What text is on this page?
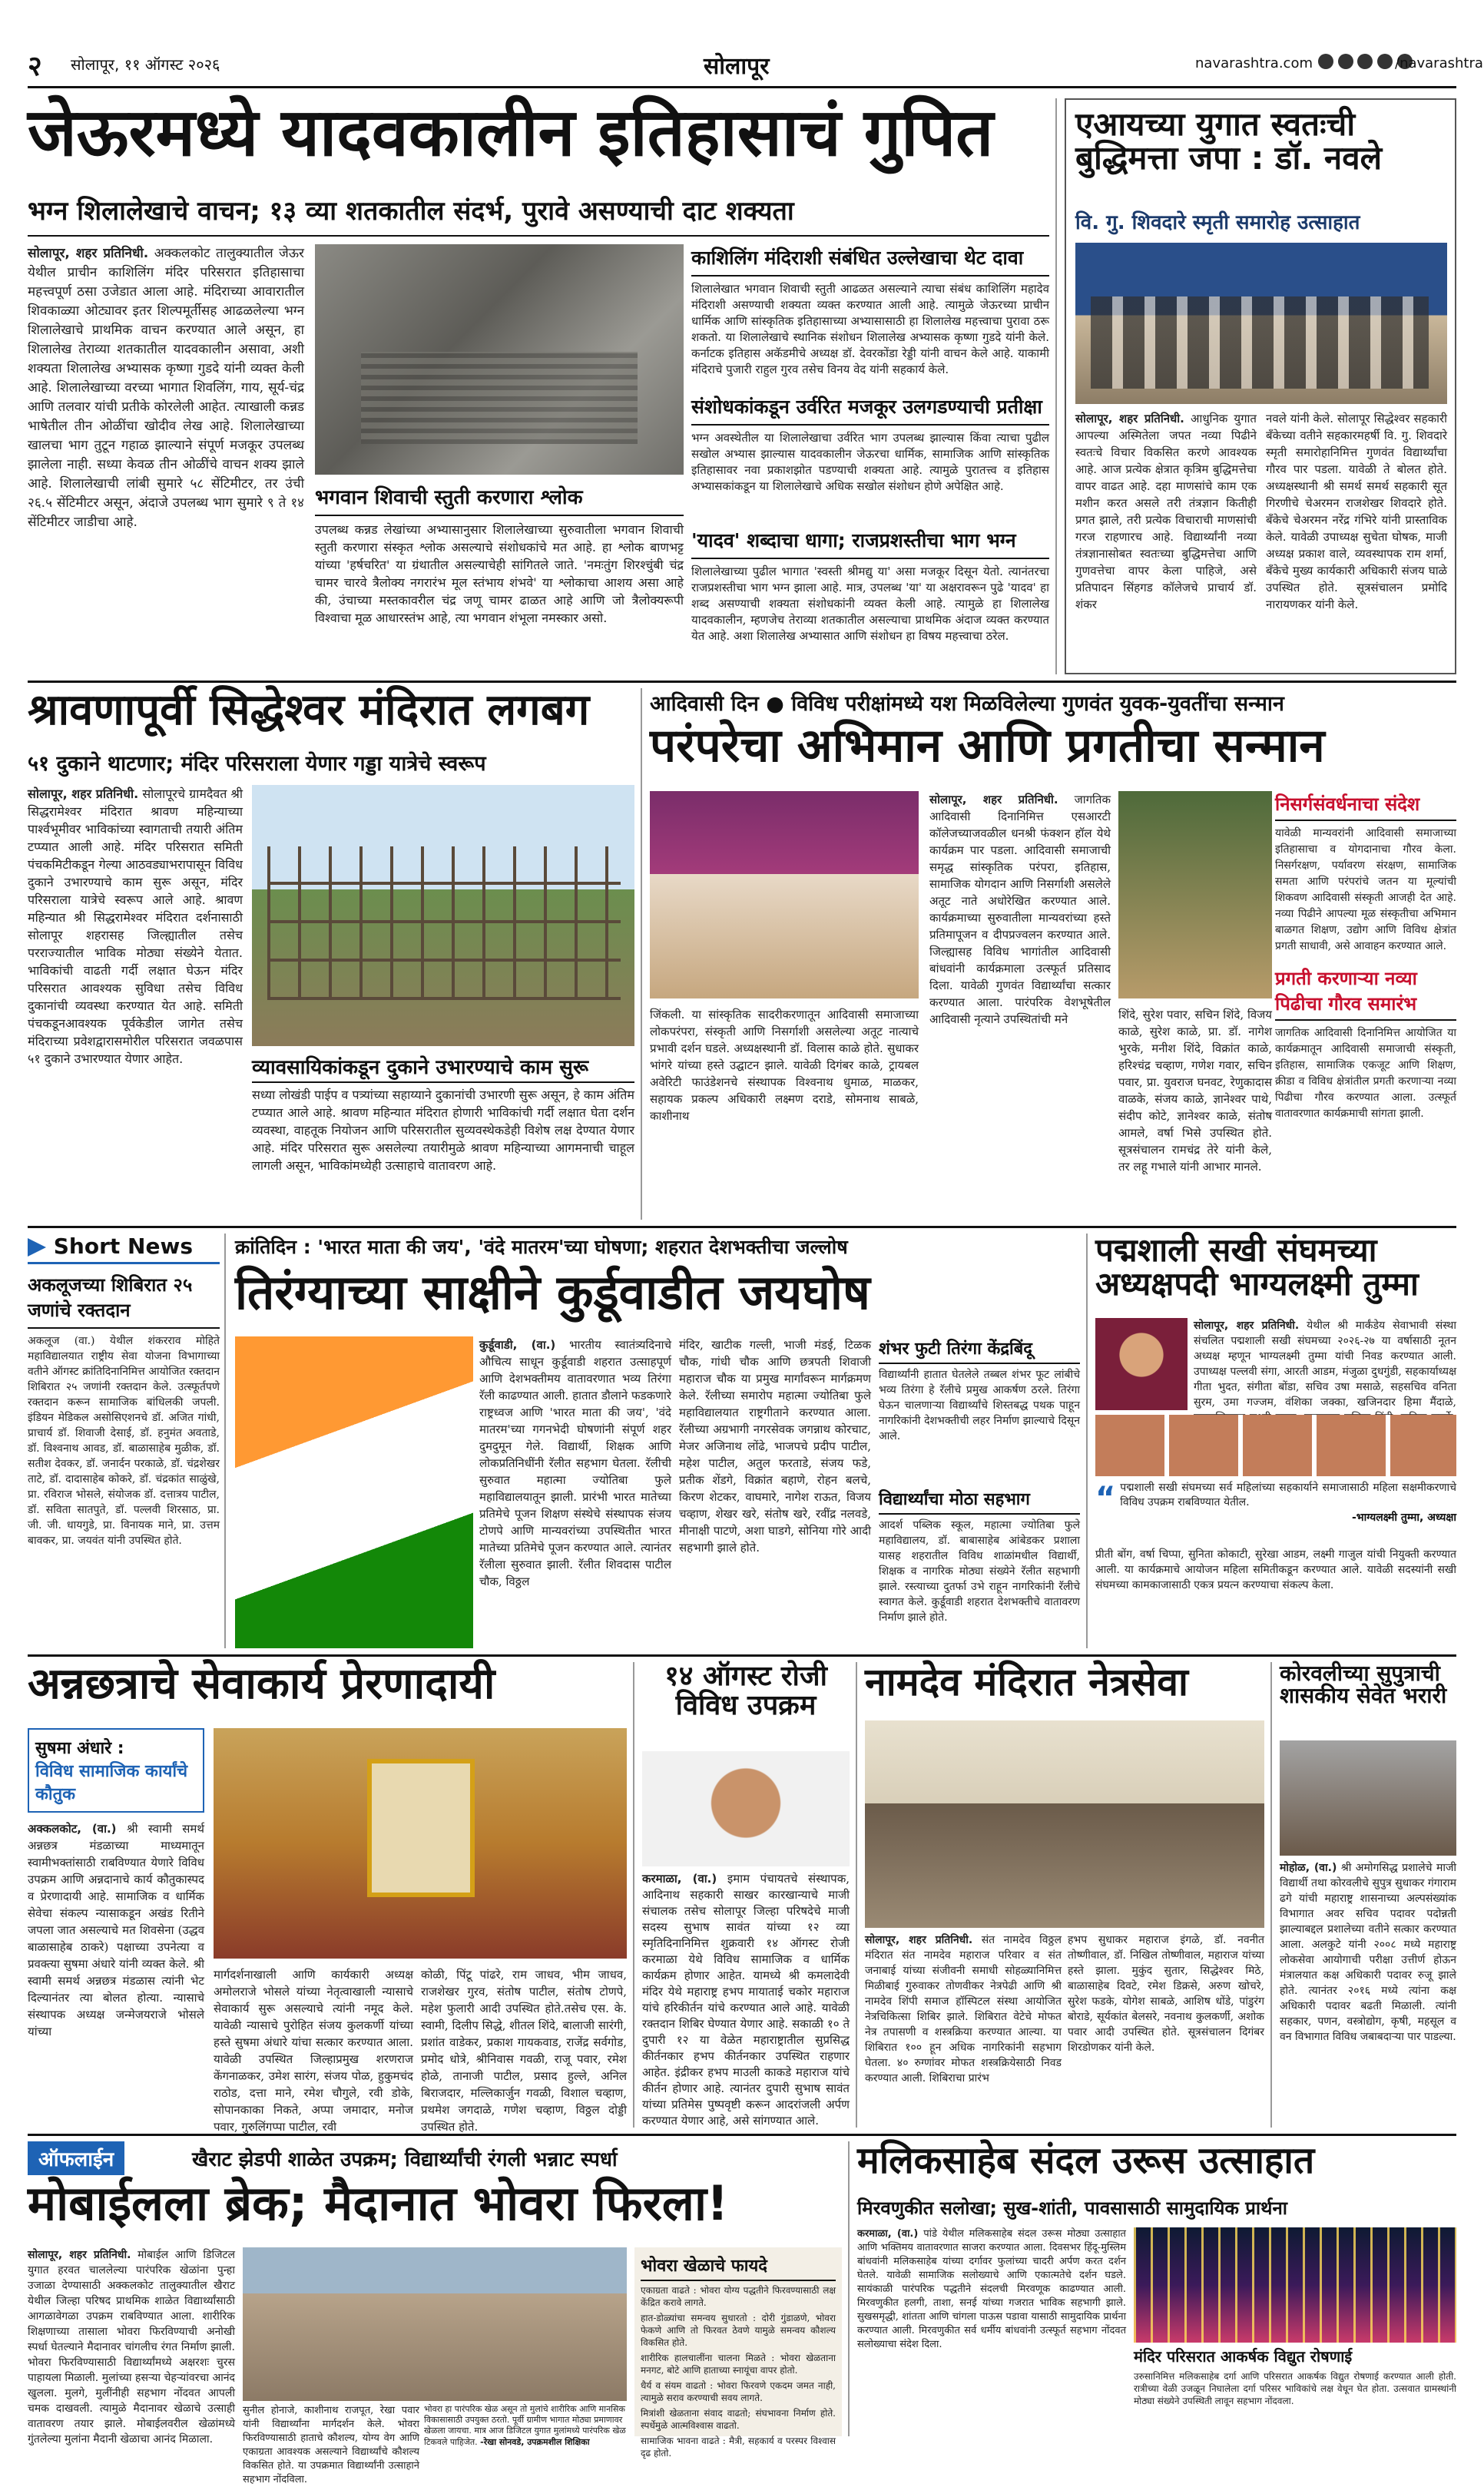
२ सोलापूर, ११ ऑगस्ट २०२६	सोलापूर	navarashtra.com
	/navarashtra
जेऊरमध्ये यादवकालीन इतिहासाचं गुपित
भग्न शिलालेखाचे वाचन; १३ व्या शतकातील संदर्भ, पुरावे असण्याची दाट शक्यता
सोलापूर, शहर प्रतिनिधी. अक्कलकोट तालुक्यातील जेऊर येथील प्राचीन काशिलिंग मंदिर परिसरात इतिहासाचा महत्त्वपूर्ण ठसा उजेडात आला आहे. मंदिराच्या आवारातील शिवकाळ्या ओट्यावर इतर शिल्पमूर्तीसह आढळलेल्या भग्न शिलालेखाचे प्राथमिक वाचन करण्यात आले असून, हा शिलालेख तेराव्या शतकातील यादवकालीन असावा, अशी शक्यता शिलालेख अभ्यासक कृष्णा गुडदे यांनी व्यक्त केली आहे. शिलालेखाच्या वरच्या भागात शिवलिंग, गाय, सूर्य-चंद्र आणि तलवार यांची प्रतीके कोरलेली आहेत. त्याखाली कन्नड भाषेतील तीन ओळींचा खोदीव लेख आहे. शिलालेखाच्या खालचा भाग तुटून गहाळ झाल्याने संपूर्ण मजकूर उपलब्ध झालेला नाही. सध्या केवळ तीन ओळींचे वाचन शक्य झाले आहे. शिलालेखाची लांबी सुमारे ५८ सेंटिमीटर, तर उंची २६.५ सेंटिमीटर असून, अंदाजे उपलब्ध भाग सुमारे ९ ते १४ सेंटिमीटर जाडीचा आहे.
भगवान शिवाची स्तुती करणारा श्लोक
उपलब्ध कन्नड लेखांच्या अभ्यासानुसार शिलालेखाच्या सुरुवातीला भगवान शिवाची स्तुती करणारा संस्कृत श्लोक असल्याचे संशोधकांचे मत आहे. हा श्लोक बाणभट्ट यांच्या 'हर्षचरित' या ग्रंथातील असल्याचेही सांगितले जाते. 'नमःतुंग शिरश्चुंबी चंद्र चामर चारवे त्रैलोक्य नगरारंभ मूल स्तंभाय शंभवे' या श्लोकाचा आशय असा आहे की, उंचाच्या मस्तकावरील चंद्र जणू चामर ढाळत आहे आणि जो त्रैलोक्यरूपी विश्वाचा मूळ आधारस्तंभ आहे, त्या भगवान शंभूला नमस्कार असो.
काशिलिंग मंदिराशी संबंधित उल्लेखाचा थेट दावा
शिलालेखात भगवान शिवाची स्तुती आढळत असल्याने त्याचा संबंध काशिलिंग महादेव मंदिराशी असण्याची शक्यता व्यक्त करण्यात आली आहे. त्यामुळे जेऊरच्या प्राचीन धार्मिक आणि सांस्कृतिक इतिहासाच्या अभ्यासासाठी हा शिलालेख महत्त्वाचा पुरावा ठरू शकतो. या शिलालेखाचे स्थानिक संशोधन शिलालेख अभ्यासक कृष्णा गुडदे यांनी केले. कर्नाटक इतिहास अकॅडमीचे अध्यक्ष डॉ. देवरकोंडा रेड्डी यांनी वाचन केले आहे. याकामी मंदिराचे पुजारी राहुल गुरव तसेच विनय वेद यांनी सहकार्य केले.
संशोधकांकडून उर्वरित मजकूर उलगडण्याची प्रतीक्षा
भग्न अवस्थेतील या शिलालेखाचा उर्वरित भाग उपलब्ध झाल्यास किंवा त्याचा पुढील सखोल अभ्यास झाल्यास यादवकालीन जेऊरचा धार्मिक, सामाजिक आणि सांस्कृतिक इतिहासावर नवा प्रकाशझोत पडण्याची शक्यता आहे. त्यामुळे पुरातत्त्व व इतिहास अभ्यासकांकडून या शिलालेखाचे अधिक सखोल संशोधन होणे अपेक्षित आहे.
'यादव' शब्दाचा धागा; राजप्रशस्तीचा भाग भग्न
शिलालेखाच्या पुढील भागात 'स्वस्ती श्रीमद्यु या' असा मजकूर दिसून येतो. त्यानंतरचा राजप्रशस्तीचा भाग भग्न झाला आहे. मात्र, उपलब्ध 'या' या अक्षरावरून पुढे 'यादव' हा शब्द असण्याची शक्यता संशोधकांनी व्यक्त केली आहे. त्यामुळे हा शिलालेख यादवकालीन, म्हणजेच तेराव्या शतकातील असल्याचा प्राथमिक अंदाज व्यक्त करण्यात येत आहे. अशा शिलालेख अभ्यासात आणि संशोधन हा विषय महत्त्वाचा ठरेल.
एआयच्या युगात स्वतःची बुद्धिमत्ता जपा : डॉ. नवले
वि. गु. शिवदारे स्मृती समारोह उत्साहात
सोलापूर, शहर प्रतिनिधी. आधुनिक युगात आपल्या अस्मितेला जपत नव्या पिढीने स्वतःचे विचार विकसित करणे आवश्यक आहे. आज प्रत्येक क्षेत्रात कृत्रिम बुद्धिमत्तेचा वापर वाढत आहे. दहा माणसांचे काम एक मशीन करत असले तरी तंत्रज्ञान कितीही प्रगत झाले, तरी प्रत्येक विचाराची माणसांची गरज राहणारच आहे. विद्यार्थ्यांनी नव्या तंत्रज्ञानासोबत स्वतःच्या बुद्धिमत्तेचा आणि गुणवत्तेचा वापर केला पाहिजे, असे प्रतिपादन सिंहगड कॉलेजचे प्राचार्य डॉ. शंकर
नवले यांनी केले. सोलापूर सिद्धेश्वर सहकारी बँकेच्या वतीने सहकारमहर्षी वि. गु. शिवदारे स्मृती समारोहानिमित्त गुणवंत विद्यार्थ्यांचा गौरव पार पडला. यावेळी ते बोलत होते. अध्यक्षस्थानी श्री समर्थ समर्थ सहकारी सूत गिरणीचे चेअरमन राजशेखर शिवदारे होते. बँकेचे चेअरमन नरेंद्र गंभिरे यांनी प्रास्ताविक केले. यावेळी उपाध्यक्ष सुचेता घोषक, माजी अध्यक्ष प्रकाश वाले, व्यवस्थापक राम शर्मा, बँकेचे मुख्य कार्यकारी अधिकारी संजय घाळे उपस्थित होते. सूत्रसंचालन प्रमोदि नारायणकर यांनी केले.
श्रावणापूर्वी सिद्धेश्वर मंदिरात लगबग
५१ दुकाने थाटणार; मंदिर परिसराला येणार गड्डा यात्रेचे स्वरूप
सोलापूर, शहर प्रतिनिधी. सोलापूरचे ग्रामदैवत श्री सिद्धरामेश्वर मंदिरात श्रावण महिन्याच्या पार्श्वभूमीवर भाविकांच्या स्वागताची तयारी अंतिम टप्प्यात आली आहे. मंदिर परिसरात समिती पंचकमिटीकडून गेल्या आठवड्याभरापासून विविध दुकाने उभारण्याचे काम सुरू असून, मंदिर परिसराला यात्रेचे स्वरूप आले आहे. श्रावण महिन्यात श्री सिद्धरामेश्वर मंदिरात दर्शनासाठी सोलापूर शहरासह जिल्ह्यातील तसेच परराज्यातील भाविक मोठ्या संख्येने येतात. भाविकांची वाढती गर्दी लक्षात घेऊन मंदिर परिसरात आवश्यक सुविधा तसेच विविध दुकानांची व्यवस्था करण्यात येत आहे. समिती पंचकडूनआवश्यक पूर्वकेडील जागेत तसेच मंदिराच्या प्रवेशद्वारासमोरील परिसरात जवळपास ५१ दुकाने उभारण्यात येणार आहेत.	व्यावसायिकांकडून दुकाने उभारण्याचे काम सुरू
सध्या लोखंडी पाईप व पत्र्यांच्या सहाय्याने दुकानांची उभारणी सुरू असून, हे काम अंतिम टप्प्यात आले आहे. श्रावण महिन्यात मंदिरात होणारी भाविकांची गर्दी लक्षात घेता दर्शन व्यवस्था, वाहतूक नियोजन आणि परिसरातील सुव्यवस्थेकडेही विशेष लक्ष देण्यात येणार आहे. मंदिर परिसरात सुरू असलेल्या तयारीमुळे श्रावण महिन्याच्या आगमनाची चाहूल लागली असून, भाविकांमध्येही उत्साहाचे वातावरण आहे.
आदिवासी दिन ● विविध परीक्षांमध्ये यश मिळविलेल्या गुणवंत युवक-युवतींचा सन्मान
परंपरेचा अभिमान आणि प्रगतीचा सन्मान
सोलापूर, शहर प्रतिनिधी. जागतिक आदिवासी दिनानिमित्त एसआरटी कॉलेजच्याजवळील धनश्री फंक्शन हॉल येथे कार्यक्रम पार पडला. आदिवासी समाजाची समृद्ध सांस्कृतिक परंपरा, इतिहास, सामाजिक योगदान आणि निसर्गाशी असलेले अतूट नाते अधोरेखित करण्यात आले. कार्यक्रमाच्या सुरुवातीला मान्यवरांच्या हस्ते प्रतिमापूजन व दीपप्रज्वलन करण्यात आले. जिल्ह्यासह विविध भागांतील आदिवासी बांधवांनी कार्यक्रमाला उत्स्फूर्त प्रतिसाद दिला. यावेळी गुणवंत विद्यार्थ्यांचा सत्कार करण्यात आला. पारंपरिक वेशभूषेतील आदिवासी नृत्याने उपस्थितांची मने
जिंकली. या सांस्कृतिक सादरीकरणातून आदिवासी समाजाच्या लोकपरंपरा, संस्कृती आणि निसर्गाशी असलेल्या अतूट नात्याचे प्रभावी दर्शन घडले. अध्यक्षस्थानी डॉ. विलास काळे होते. सुधाकर भांगरे यांच्या हस्ते उद्घाटन झाले. यावेळी दिगंबर काळे, ट्रायबल अवेरिटी फाउंडेशनचे संस्थापक विश्वनाथ धुमाळ, माळकर, सहायक प्रकल्प अधिकारी लक्ष्मण दराडे, सोमनाथ साबळे, काशीनाथ
शिंदे, सुरेश पवार, सचिन शिंदे, विजय काळे, सुरेश काळे, प्रा. डॉ. नागेश भुरके, मनीश शिंदे, विक्रांत काळे, हरिश्चंद्र चव्हाण, गणेश गवार, सचिन पवार, प्रा. युवराज घनवट, रेणुकादास वाळके, संजय काळे, ज्ञानेश्वर पाथे, संदीप कोटे, ज्ञानेश्वर काळे, संतोष आमले, वर्षा भिसे उपस्थित होते. सूत्रसंचालन रामचंद्र तेरे यांनी केले, तर लहू गभाले यांनी आभार मानले.
निसर्गसंवर्धनाचा संदेश
यावेळी मान्यवरांनी आदिवासी समाजाच्या इतिहासाचा व योगदानाचा गौरव केला. निसर्गरक्षण, पर्यावरण संरक्षण, सामाजिक समता आणि परंपरांचे जतन या मूल्यांची शिकवण आदिवासी संस्कृती आजही देत आहे. नव्या पिढीने आपल्या मूळ संस्कृतीचा अभिमान बाळगत शिक्षण, उद्योग आणि विविध क्षेत्रांत प्रगती साधावी, असे आवाहन करण्यात आले.
प्रगती करणाऱ्या नव्या पिढीचा गौरव समारंभ
जागतिक आदिवासी दिनानिमित्त आयोजित या कार्यक्रमातून आदिवासी समाजाची संस्कृती, इतिहास, सामाजिक एकजूट आणि शिक्षण, क्रीडा व विविध क्षेत्रांतील प्रगती करणाऱ्या नव्या पिढीचा गौरव करण्यात आला. उत्स्फूर्त वातावरणात कार्यक्रमाची सांगता झाली.
Short News
अकलूजच्या शिबिरात २५ जणांचे रक्तदान
अकलूज (वा.) येथील शंकरराव मोहिते महाविद्यालयात राष्ट्रीय सेवा योजना विभागाच्या वतीने ऑगस्ट क्रांतिदिनानिमित्त आयोजित रक्तदान शिबिरात २५ जणांनी रक्तदान केले. उत्स्फूर्तपणे रक्तदान करून सामाजिक बांधिलकी जपली. इंडियन मेडिकल असोसिएशनचे डॉ. अजित गांधी, प्राचार्य डॉ. शिवाजी देसाई, डॉ. हनुमंत अवताडे, डॉ. विश्वनाथ आवड, डॉ. बाळासाहेब मुळीक, डॉ. सतीश देवकर, डॉ. जनार्दन परकाळे, डॉ. चंद्रशेखर ताटे, डॉ. दादासाहेब कोकरे, डॉ. चंद्रकांत साळुंखे, प्रा. रविराज भोसले, संयोजक डॉ. दत्तात्रय पाटील, डॉ. सविता सातपुते, डॉ. पल्लवी शिरसाठ, प्रा. जी. जी. धायगुडे, प्रा. विनायक माने, प्रा. उत्तम बावकर, प्रा. जयवंत यांनी उपस्थित होते.
क्रांतिदिन : 'भारत माता की जय', 'वंदे मातरम'च्या घोषणा; शहरात देशभक्तीचा जल्लोष
तिरंग्याच्या साक्षीने कुर्डूवाडीत जयघोष
कुर्डूवाडी, (वा.) भारतीय स्वातंत्र्यदिनाचे औचित्य साधून कुर्डूवाडी शहरात उत्साहपूर्ण आणि देशभक्तीमय वातावरणात भव्य तिरंगा रॅली काढण्यात आली. हातात डौलाने फडकणारे राष्ट्रध्वज आणि 'भारत माता की जय', 'वंदे मातरम'च्या गगनभेदी घोषणांनी संपूर्ण शहर दुमदुमून गेले. विद्यार्थी, शिक्षक आणि लोकप्रतिनिधींनी रॅलीत सहभाग घेतला. रॅलीची सुरुवात महात्मा ज्योतिबा फुले महाविद्यालयातून झाली. प्रारंभी भारत मातेच्या प्रतिमेचे पूजन शिक्षण संस्थेचे संस्थापक संजय टोणपे आणि मान्यवरांच्या उपस्थितीत भारत मातेच्या प्रतिमेचे पूजन करण्यात आले. त्यानंतर रॅलीला सुरुवात झाली. रॅलीत शिवदास पाटील चौक, विठ्ठल
मंदिर, खाटीक गल्ली, भाजी मंडई, टिळक चौक, गांधी चौक आणि छत्रपती शिवाजी महाराज चौक या प्रमुख मार्गांवरून मार्गक्रमण केले. रॅलीच्या समारोप महात्मा ज्योतिबा फुले महाविद्यालयात राष्ट्रगीताने करण्यात आला. रॅलीच्या अग्रभागी नगरसेवक जगन्नाथ कोरचाट, मेजर अजिनाथ लोंढे, भाजपचे प्रदीप पाटील, महेश पाटील, अतुल फरताडे, संजय फडे, प्रतीक शेंडगे, विक्रांत बहाणे, रोहन बलचे, किरण शेटकर, वाघमारे, नागेश राऊत, विजय चव्हाण, शेखर खरे, संतोष खरे, रवींद्र नलवडे, मीनाक्षी पाटणे, अशा घाडगे, सोनिया गोरे आदी सहभागी झाले होते.
शंभर फुटी तिरंगा केंद्रबिंदू
विद्यार्थ्यांनी हातात घेतलेले तब्बल शंभर फूट लांबीचे भव्य तिरंगा हे रॅलीचे प्रमुख आकर्षण ठरले. तिरंगा घेऊन चालणाऱ्या विद्यार्थ्यांचे शिस्तबद्ध पथक पाहून नागरिकांनी देशभक्तीची लहर निर्माण झाल्याचे दिसून आले.
विद्यार्थ्यांचा मोठा सहभाग
आदर्श पब्लिक स्कूल, महात्मा ज्योतिबा फुले महाविद्यालय, डॉ. बाबासाहेब आंबेडकर प्रशाला यासह शहरातील विविध शाळांमधील विद्यार्थी, शिक्षक व नागरिक मोठ्या संख्येने रॅलीत सहभागी झाले. रस्त्याच्या दुतर्फा उभे राहून नागरिकांनी रॅलीचे स्वागत केले. कुर्डूवाडी शहरात देशभक्तीचे वातावरण निर्माण झाले होते.
पद्मशाली सखी संघमच्या अध्यक्षपदी भाग्यलक्ष्मी तुम्मा
सोलापूर, शहर प्रतिनिधी. येथील श्री मार्कंडेय सेवाभावी संस्था संचलित पद्मशाली सखी संघमच्या २०२६-२७ या वर्षासाठी नूतन अध्यक्ष म्हणून भाग्यलक्ष्मी तुम्मा यांची निवड करण्यात आली. उपाध्यक्ष पल्लवी संगा, आरती आडम, मंजुळा दुधगुंडी, सहकार्याध्यक्ष गीता भुदत, संगीता बोंडा, सचिव उषा मसाळे, सहसचिव वनिता सुरम, उमा गज्जम, वंशिका जक्का, खजिनदार हिमा मैंदाळे,
“ पद्मशाली सखी संघमच्या सर्व महिलांच्या सहकार्याने समाजासाठी महिला सक्षमीकरणाचे विविध उपक्रम राबविण्यात येतील.
-भाग्यलक्ष्मी तुम्मा, अध्यक्षा
प्रीती बोंग, वर्षा चिप्पा, सुनिता कोकाटी, सुरेखा आडम, लक्ष्मी गाजुल यांची नियुक्ती करण्यात आली. या कार्यक्रमाचे आयोजन महिला समितीकडून करण्यात आले. यावेळी सदस्यांनी सखी संघमच्या कामकाजासाठी एकत्र प्रयत्न करण्याचा संकल्प केला.
अन्नछत्राचे सेवाकार्य प्रेरणादायी
सुषमा अंधारे :
विविध सामाजिक कार्यांचे कौतुक
अक्कलकोट, (वा.) श्री स्वामी समर्थ अन्नछत्र मंडळाच्या माध्यमातून स्वामीभक्तांसाठी राबविण्यात येणारे विविध उपक्रम आणि अन्नदानाचे कार्य कौतुकास्पद व प्रेरणादायी आहे. सामाजिक व धार्मिक सेवेचा संकल्प न्यासाकडून अखंड रितीने जपला जात असल्याचे मत शिवसेना (उद्धव बाळासाहेब ठाकरे) पक्षाच्या उपनेत्या व प्रवक्त्या सुषमा अंधारे यांनी व्यक्त केले. श्री स्वामी समर्थ अन्नछत्र मंडळास त्यांनी भेट दिल्यानंतर त्या बोलत होत्या. न्यासाचे संस्थापक अध्यक्ष जन्मेजयराजे भोसले यांच्या
मार्गदर्शनाखाली आणि कार्यकारी अध्यक्ष अमोलराजे भोसले यांच्या नेतृत्वाखाली न्यासाचे सेवाकार्य सुरू असल्याचे त्यांनी नमूद केले. यावेळी न्यासाचे पुरोहित संजय कुलकर्णी यांच्या हस्ते सुषमा अंधारे यांचा सत्कार करण्यात आला. यावेळी उपस्थित जिल्हाप्रमुख शरणराज केंगनाळकर, उमेश सारंग, संजय पोळ, हुकुमचंद राठोड, दत्ता माने, रमेश चौगुले, रवी डोके, सोपानकाका निकते, अप्पा जमादार, मनोज पवार, गुरुलिंगप्पा पाटील, रवी
कोळी, पिंटू पांढरे, राम जाधव, भीम जाधव, राजशेखर गुरव, संतोष पाटील, संतोष टोणपे, महेश फुलारी आदी उपस्थित होते.तसेच एस. के. स्वामी, दिलीप सिद्धे, शीतल शिंदे, बालाजी सारंगी, प्रशांत वाडेकर, प्रकाश गायकवाड, राजेंद्र सर्वगोड, प्रमोद धोत्रे, श्रीनिवास गवळी, राजू पवार, रमेश होळे, तानाजी पाटील, प्रसाद हुल्ले, अनिल बिराजदार, मल्लिकार्जुन गवळी, विशाल चव्हाण, प्रथमेश जगदाळे, गणेश चव्हाण, विठ्ठल दोड्डी उपस्थित होते.
१४ ऑगस्ट रोजी विविध उपक्रम
करमाळा, (वा.) इमाम पंचायतचे संस्थापक, आदिनाथ सहकारी साखर कारखान्याचे माजी संचालक तसेच सोलापूर जिल्हा परिषदेचे माजी सदस्य सुभाष सावंत यांच्या १२ व्या स्मृतिदिनानिमित्त शुक्रवारी १४ ऑगस्ट रोजी करमाळा येथे विविध सामाजिक व धार्मिक कार्यक्रम होणार आहेत. यामध्ये श्री कमलादेवी मंदिर येथे महाराष्ट्र हभप मायाताई चकोर महाराज यांचे हरिकीर्तन यांचे करण्यात आले आहे. यावेळी रक्तदान शिबिर घेण्यात येणार आहे. सकाळी १० ते दुपारी १२ या वेळेत महाराष्ट्रातील सुप्रसिद्ध कीर्तनकार हभप कीर्तनकार उपस्थित राहणार आहेत. इंद्रीकर हभप माउली काकडे महाराज यांचे कीर्तन होणार आहे. त्यानंतर दुपारी सुभाष सावंत यांच्या प्रतिमेस पुष्पवृष्टी करून आदरांजली अर्पण करण्यात येणार आहे, असे सांगण्यात आले.
नामदेव मंदिरात नेत्रसेवा
सोलापूर, शहर प्रतिनिधी. संत नामदेव विठ्ठल मंदिरात संत नामदेव महाराज परिवार व संत जनाबाई यांच्या संजीवनी समाधी सोहळ्यानिमित्त मिळीबाई गुरुवाकर तोणवीकर नेत्रपेढी आणि श्री नामदेव शिंपी समाज हॉस्पिटल संस्था आयोजित नेत्रचिकित्सा शिबिर झाले. शिबिरात वेटेचे मोफत नेत्र तपासणी व शस्त्रक्रिया करण्यात आल्या. या शिबिरात १०० हून अधिक नागरिकांनी सहभाग घेतला. ४० रुग्णांवर मोफत शस्त्रक्रियेसाठी निवड करण्यात आली. शिबिराचा प्रारंभ
हभप सुधाकर महाराज इंगळे, डॉ. नवनीत तोष्णीवाल, डॉ. निखिल तोष्णीवाल, महाराज यांच्या हस्ते झाला. मुकुंद सुतार, सिद्धेश्वर मिठे, बाळासाहेब दिवटे, रमेश डिक्रसे, अरुण खोचरे, सुरेश फडके, योगेश साबळे, आशिष धोंडे, पांडुरंग बोराडे, सूर्यकांत बेलसरे, नवनाथ कुलकर्णी, अशोक पवार आदी उपस्थित होते. सूत्रसंचालन दिगंबर शिरडोणकर यांनी केले.
कोरवलीच्या सुपुत्राची शासकीय सेवेत भरारी
मोहोळ, (वा.) श्री अमोगसिद्ध प्रशालेचे माजी विद्यार्थी तथा कोरवलीचे सुपुत्र सुधाकर गंगाराम ढगे यांची महाराष्ट्र शासनाच्या अल्पसंख्यांक विभागात अवर सचिव पदावर पदोन्नती झाल्याबद्दल प्रशालेच्या वतीने सत्कार करण्यात आला. अलकुटे यांनी २००८ मध्ये महाराष्ट्र लोकसेवा आयोगाची परीक्षा उत्तीर्ण होऊन मंत्रालयात कक्ष अधिकारी पदावर रुजू झाले होते. त्यानंतर २०१६ मध्ये त्यांना कक्ष अधिकारी पदावर बढती मिळाली. त्यांनी सहकार, पणन, वस्त्रोद्योग, कृषी, महसूल व वन विभागात विविध जबाबदाऱ्या पार पाडल्या.
ऑफलाईन	खैराट झेडपी शाळेत उपक्रम; विद्यार्थ्यांची रंगली भन्नाट स्पर्धा
मोबाईलला ब्रेक; मैदानात भोवरा फिरला!
सोलापूर, शहर प्रतिनिधी. मोबाईल आणि डिजिटल युगात हरवत चाललेल्या पारंपरिक खेळांना पुन्हा उजाळा देण्यासाठी अक्कलकोट तालुक्यातील खैराट येथील जिल्हा परिषद प्राथमिक शाळेत विद्यार्थ्यांसाठी आगळावेगळा उपक्रम राबविण्यात आला. शारीरिक शिक्षणाच्या तासाला भोवरा फिरविण्याची अनोखी स्पर्धा घेतल्याने मैदानावर चांगलीच रंगत निर्माण झाली. भोवरा फिरविण्यासाठी विद्यार्थ्यांमध्ये अक्षरशः चुरस पाहायला मिळाली. मुलांच्या हसऱ्या चेहऱ्यांवरचा आनंद खुलला. मुलगे, मुलींनीही सहभाग नोंदवत आपली चमक दाखवली. त्यामुळे मैदानावर खेळाचे उत्साही वातावरण तयार झाले. मोबाईलवरील खेळांमध्ये गुंतलेल्या मुलांना मैदानी खेळाचा आनंद मिळाला.
सुनील होनाजे, काशीनाथ राजपूत, रेखा पवार यांनी विद्यार्थ्यांना मार्गदर्शन केले. भोवरा फिरविण्यासाठी हाताचे कौशल्य, योग्य वेग आणि एकाग्रता आवश्यक असल्याने विद्यार्थ्यांचे कौशल्य विकसित होते. या उपक्रमात विद्यार्थ्यांनी उत्साहाने सहभाग नोंदविला.
भोवरा हा पारंपरिक खेळ असून तो मुलांचे शारीरिक आणि मानसिक विकासासाठी उपयुक्त ठरतो. पूर्वी ग्रामीण भागात मोठ्या प्रमाणावर खेळला जायचा. मात्र आज डिजिटल युगात मुलांमध्ये पारंपरिक खेळ टिकवले पाहिजेत. -रेखा सोनवडे, उपक्रमशील शिक्षिका
भोवरा खेळाचे फायदे
एकाग्रता वाढते : भोवरा योग्य पद्धतीने फिरवण्यासाठी लक्ष केंद्रित करावे लागते.
हात-डोळ्यांचा समन्वय सुधारतो : दोरी गुंडाळणे, भोवरा फेकणे आणि तो फिरवत ठेवणे यामुळे समन्वय कौशल्य विकसित होते.
शारीरिक हालचालींना चालना मिळते : भोवरा खेळताना मनगट, बोटे आणि हाताच्या स्नायूंचा वापर होतो.
धैर्य व संयम वाढतो : भोवरा फिरवणे एकदम जमत नाही, त्यामुळे सराव करण्याची सवय लागते.
मित्रांशी खेळताना संवाद वाढतो; संघभावना निर्माण होते. स्पर्धेमुळे आत्मविश्वास वाढतो.
सामाजिक भावना वाढते : मैत्री, सहकार्य व परस्पर विश्वास दृढ होतो.
मलिकसाहेब संदल उरूस उत्साहात
मिरवणुकीत सलोखा; सुख-शांती, पावसासाठी सामुदायिक प्रार्थना
करमाळा, (वा.) पांडे येथील मलिकसाहेब संदल उरूस मोठ्या उत्साहात आणि भक्तिमय वातावरणात साजरा करण्यात आला. दिवसभर हिंदू-मुस्लिम बांधवांनी मलिकसाहेब यांच्या दर्गावर फुलांच्या चादरी अर्पण करत दर्शन घेतले. यावेळी सामाजिक सलोख्याचे आणि एकात्मतेचे दर्शन घडले. सायंकाळी पारंपरिक पद्धतीने संदलची मिरवणूक काढण्यात आली. मिरवणुकीत हलगी, ताशा, सनई यांच्या गजरात भाविक सहभागी झाले. सुखसमृद्धी, शांतता आणि चांगला पाऊस पडावा यासाठी सामुदायिक प्रार्थना करण्यात आली. मिरवणुकीत सर्व धर्मीय बांधवांनी उत्स्फूर्त सहभाग नोंदवत सलोख्याचा संदेश दिला.
मंदिर परिसरात आकर्षक विद्युत रोषणाई
उरुसानिमित्त मलिकसाहेब दर्गा आणि परिसरात आकर्षक विद्युत रोषणाई करण्यात आली होती. रात्रीच्या वेळी उजळून निघालेला दर्गा परिसर भाविकांचे लक्ष वेधून घेत होता. उत्सवात ग्रामस्थांनी मोठ्या संख्येने उपस्थिती लावून सहभाग नोंदवला.
